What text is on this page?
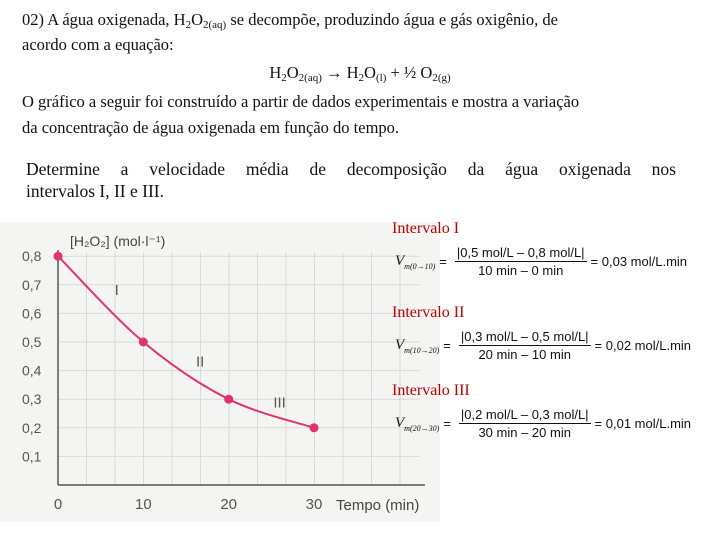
02) A água oxigenada, $H_2O_{2(aq)}$ se decompõe, produzindo água e gás oxigênio, de
acordo com a equação:
$H_2O_{2(aq)} \to H_2O_{(l)}$ + ½ $O_{2(g)}$
O gráfico a seguir foi construído a partir de dados experimentais e mostra a variação
da concentração de água oxigenada em função do tempo.
Determine a velocidade média de decomposição da água oxigenada nos
intervalos I, II e III.
[H₂O₂] (mol·l⁻¹)
Tempo (min)
0,1
0,2
0,3
0,4
0,5
0,6
0,7
0,8
0	10	20	30
I
II
III
Intervalo I
$V_{m(0\to 10)} = \frac{\text{|0,5 mol/L – 0,8 mol/L|}}{10 \min - 0 \min} = 0,03$ mol/L.min
Intervalo II
$V_{m(10\to 20)} = \frac{\text{|0,3 mol/L – 0,5 mol/L|}}{20 \min - 10 \min} = 0,02$ mol/L.min
Intervalo III
$V_{m(20\to 30)} = \frac{\text{|0,2 mol/L – 0,3 mol/L|}}{30 \min - 20 \min} = 0,01$ mol/L.min
